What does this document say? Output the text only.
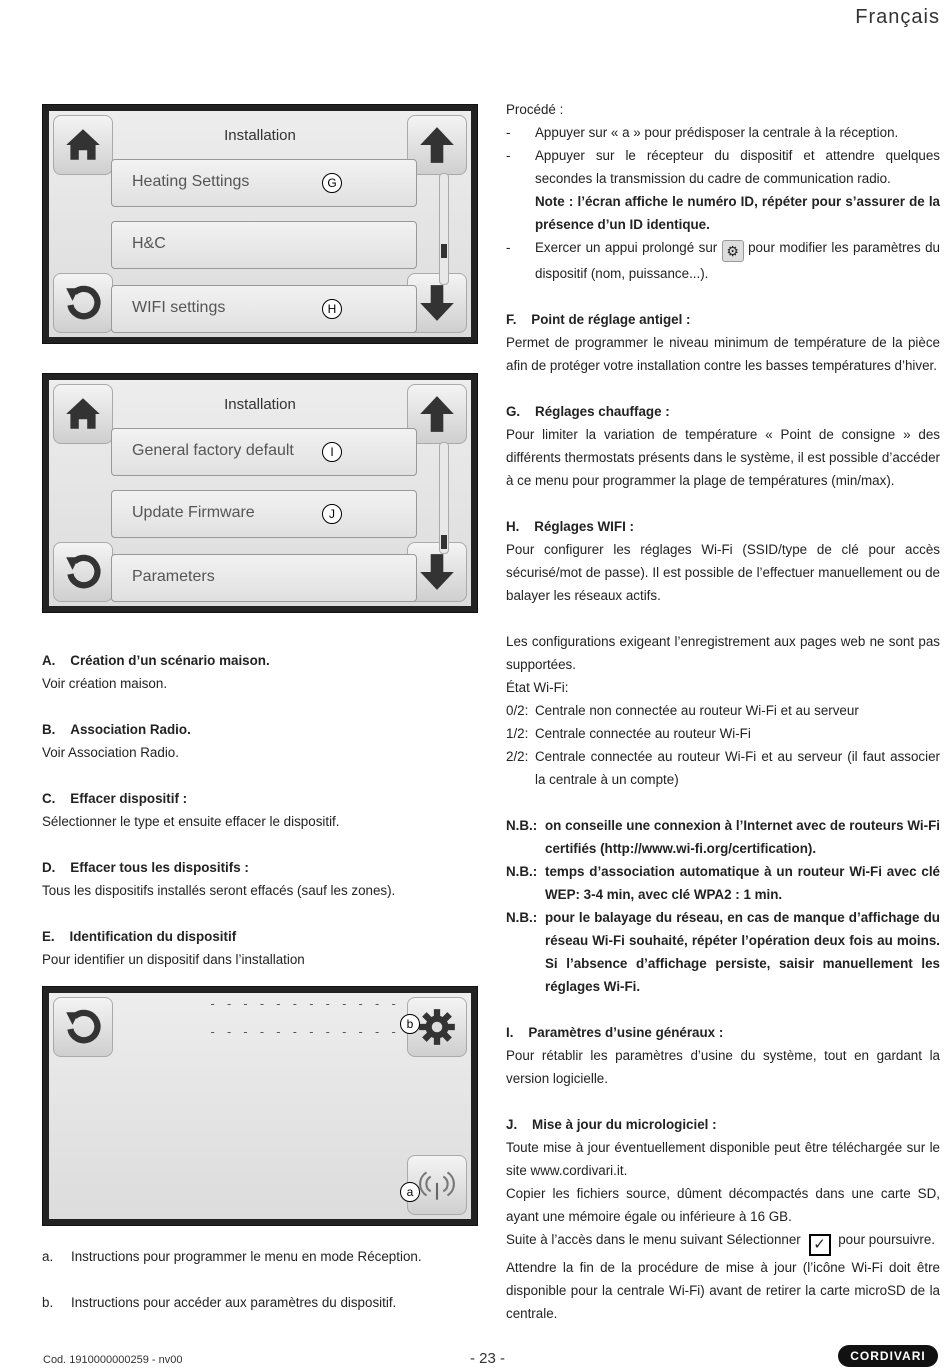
Français
Installation
Heating Settings	G
H&C
WIFI settings	H
Installation
General factory default	I
Update Firmware	J
Parameters
- - - - - - - - - - - -
- - - - - - - - - - - -
b
a
A.    Création d’un scénario maison.
Voir création maison.
B.    Association Radio.
Voir Association Radio.
C.    Effacer dispositif :
Sélectionner le type et ensuite effacer le dispositif.
D.    Effacer tous les dispositifs :
Tous les dispositifs installés seront effacés (sauf les zones).
E.    Identification du dispositif
Pour identifier un dispositif dans l’installation
a. Instructions pour programmer le menu en mode Réception.
b. Instructions pour accéder aux paramètres du dispositif.
Procédé :
- Appuyer sur « a » pour prédisposer la centrale à la réception.
- Appuyer sur le récepteur du dispositif et attendre quelques secondes la transmission du cadre de communication radio.
Note : l’écran affiche le numéro ID, répéter pour s’assurer de la présence d’un ID identique.
- Exercer un appui prolongé sur ⚙ pour modifier les paramètres du dispositif (nom, puissance...).
F.    Point de réglage antigel :
Permet de programmer le niveau minimum de température de la pièce afin de protéger votre installation contre les basses températures d’hiver.
G.    Réglages chauffage :
Pour limiter la variation de température « Point de consigne » des différents thermostats présents dans le système, il est possible d’accéder à ce menu pour programmer la plage de températures (min/max).
H.    Réglages WIFI :
Pour configurer les réglages Wi-Fi (SSID/type de clé pour accès sécurisé/mot de passe). Il est possible de l’effectuer manuellement ou de balayer les réseaux actifs.
Les configurations exigeant l’enregistrement aux pages web ne sont pas supportées.
État Wi-Fi:
0/2: Centrale non connectée au routeur Wi-Fi et au serveur
1/2: Centrale connectée au routeur Wi-Fi
2/2: Centrale connectée au routeur Wi-Fi et au serveur (il faut associer la centrale à un compte)
N.B.: on conseille une connexion à l’Internet avec de routeurs Wi-Fi certifiés (http://www.wi-fi.org/certification).
N.B.: temps d’association automatique à un routeur Wi-Fi avec clé WEP: 3-4 min, avec clé WPA2 : 1 min.
N.B.: pour le balayage du réseau, en cas de manque d’affichage du réseau Wi-Fi souhaité, répéter l’opération deux fois au moins. Si l’absence d’affichage persiste, saisir manuellement les réglages Wi-Fi.
I.    Paramètres d’usine généraux :
Pour rétablir les paramètres d’usine du système, tout en gardant la version logicielle.
J.    Mise à jour du micrologiciel :
Toute mise à jour éventuellement disponible peut être téléchargée sur le site www.cordivari.it.
Copier les fichiers source, dûment décompactés dans une carte SD, ayant une mémoire égale ou inférieure à 16 GB.
Suite à l’accès dans le menu suivant Sélectionner ✓ pour poursuivre.
Attendre la fin de la procédure de mise à jour (l’icône Wi-Fi doit être disponible pour la centrale Wi-Fi) avant de retirer la carte microSD de la centrale.
Cod. 1910000000259 - nv00	- 23 -	CORDIVARI
